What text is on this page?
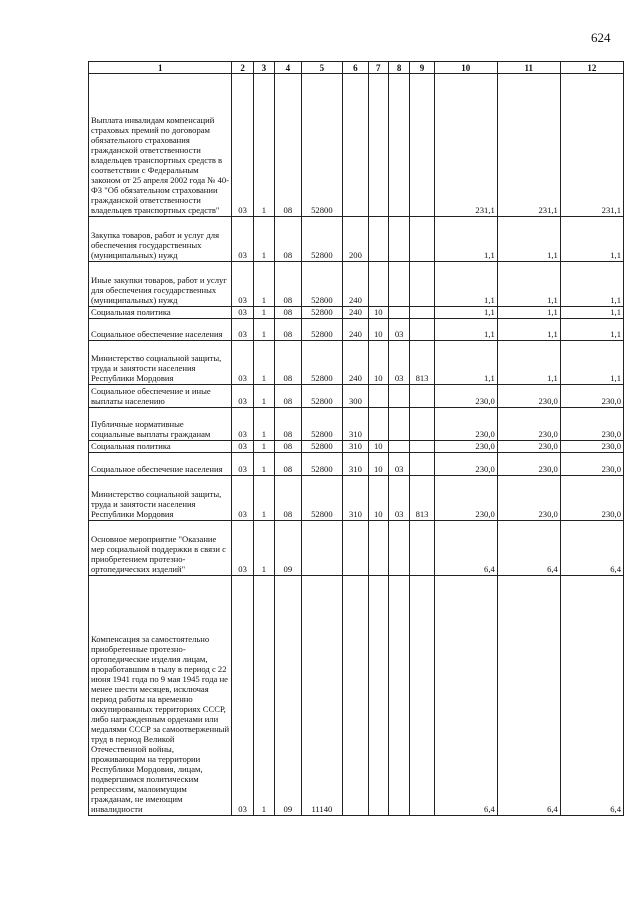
624
1	2	3	4	5	6	7	8	9	10	11	12
Выплата инвалидам компенсаций страховых премий по договорам обязательного страхования гражданской ответственности владельцев транспортных средств в соответствии с Федеральным законом от 25 апреля 2002 года № 40-ФЗ "Об обязательном страховании гражданской ответственности владельцев транспортных средств"	03	1	08	52800					231,1	231,1	231,1
Закупка товаров, работ и услуг для обеспечения государственных (муниципальных) нужд	03	1	08	52800	200				1,1	1,1	1,1
Иные закупки товаров, работ и услуг для обеспечения государственных (муниципальных) нужд	03	1	08	52800	240				1,1	1,1	1,1
Социальная политика	03	1	08	52800	240	10			1,1	1,1	1,1
Социальное обеспечение населения	03	1	08	52800	240	10	03		1,1	1,1	1,1
Министерство социальной защиты, труда и занятости населения Республики Мордовия	03	1	08	52800	240	10	03	813	1,1	1,1	1,1
Социальное обеспечение и иные выплаты населению	03	1	08	52800	300				230,0	230,0	230,0
Публичные нормативные социальные выплаты гражданам	03	1	08	52800	310				230,0	230,0	230,0
Социальная политика	03	1	08	52800	310	10			230,0	230,0	230,0
Социальное обеспечение населения	03	1	08	52800	310	10	03		230,0	230,0	230,0
Министерство социальной защиты, труда и занятости населения Республики Мордовия	03	1	08	52800	310	10	03	813	230,0	230,0	230,0
Основное мероприятие "Оказание мер социальной поддержки в связи с приобретением протезно-ортопедических изделий"	03	1	09						6,4	6,4	6,4
Компенсация за самостоятельно приобретенные протезно-ортопедические изделия лицам, проработавшим в тылу в период с 22 июня 1941 года по 9 мая 1945 года не менее шести месяцев, исключая период работы на временно оккупированных территориях СССР, либо награжденным орденами или медалями СССР за самоотверженный труд в период Великой Отечественной войны, проживающим на территории Республики Мордовия, лицам, подвергшимся политическим репрессиям, малоимущим гражданам, не имеющим инвалидности	03	1	09	11140					6,4	6,4	6,4
